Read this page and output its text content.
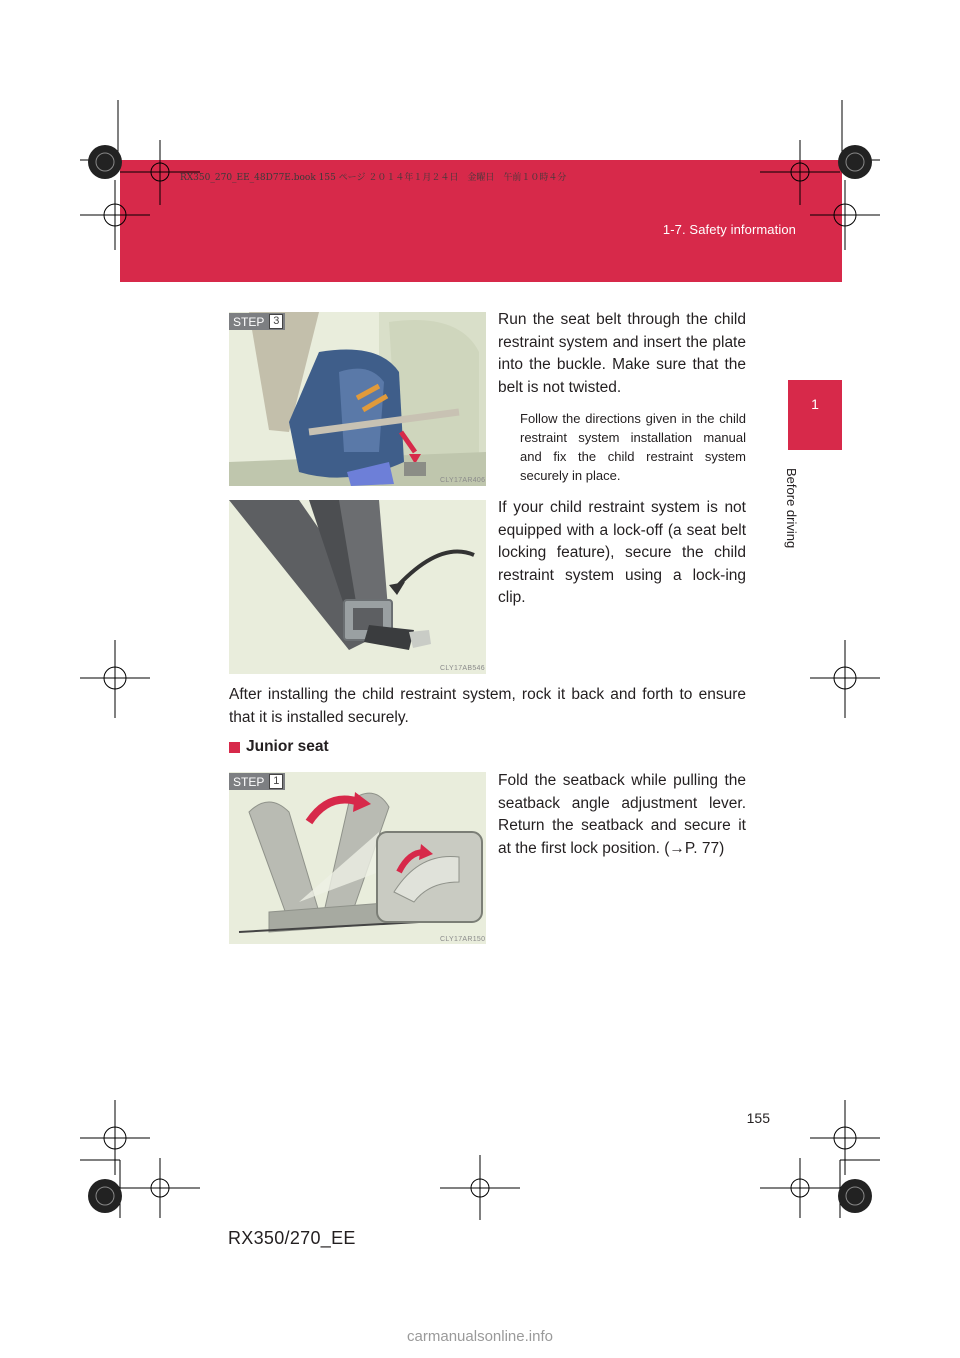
RX350_270_EE_48D77E.book 155 ページ ２０１４年１月２４日　金曜日　午前１０時４分
1-7. Safety information
1
Before driving
STEP 3
CLY17AR406
Run the seat belt through the child restraint system and insert the plate into the buckle. Make sure that the belt is not twisted.
Follow the directions given in the child restraint system installation manual and fix the child restraint system securely in place.
CLY17AB546
If your child restraint system is not equipped with a lock-off (a seat belt locking feature), secure the child restraint system using a lock-ing clip.
After installing the child restraint system, rock it back and forth to ensure that it is installed securely.
Junior seat
STEP 1
CLY17AR150
Fold the seatback while pulling the seatback angle adjustment lever. Return the seatback and secure it at the first lock position. (→P. 77)
155
RX350/270_EE
carmanualsonline.info
